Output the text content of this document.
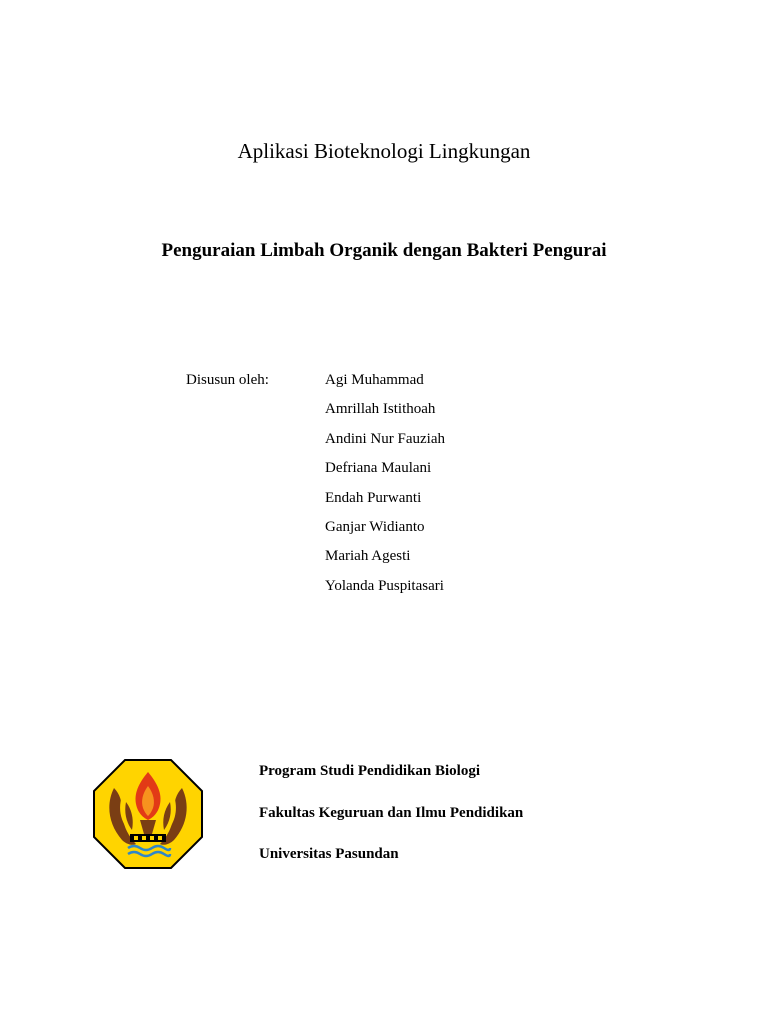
Aplikasi Bioteknologi Lingkungan
Penguraian Limbah Organik dengan Bakteri Pengurai
Disusun oleh:	Agi Muhammad
Amrillah Istithoah
Andini Nur Fauziah
Defriana Maulani
Endah Purwanti
Ganjar Widianto
Mariah Agesti
Yolanda Puspitasari
Program Studi Pendidikan Biologi
Fakultas Keguruan dan Ilmu Pendidikan
Universitas Pasundan
